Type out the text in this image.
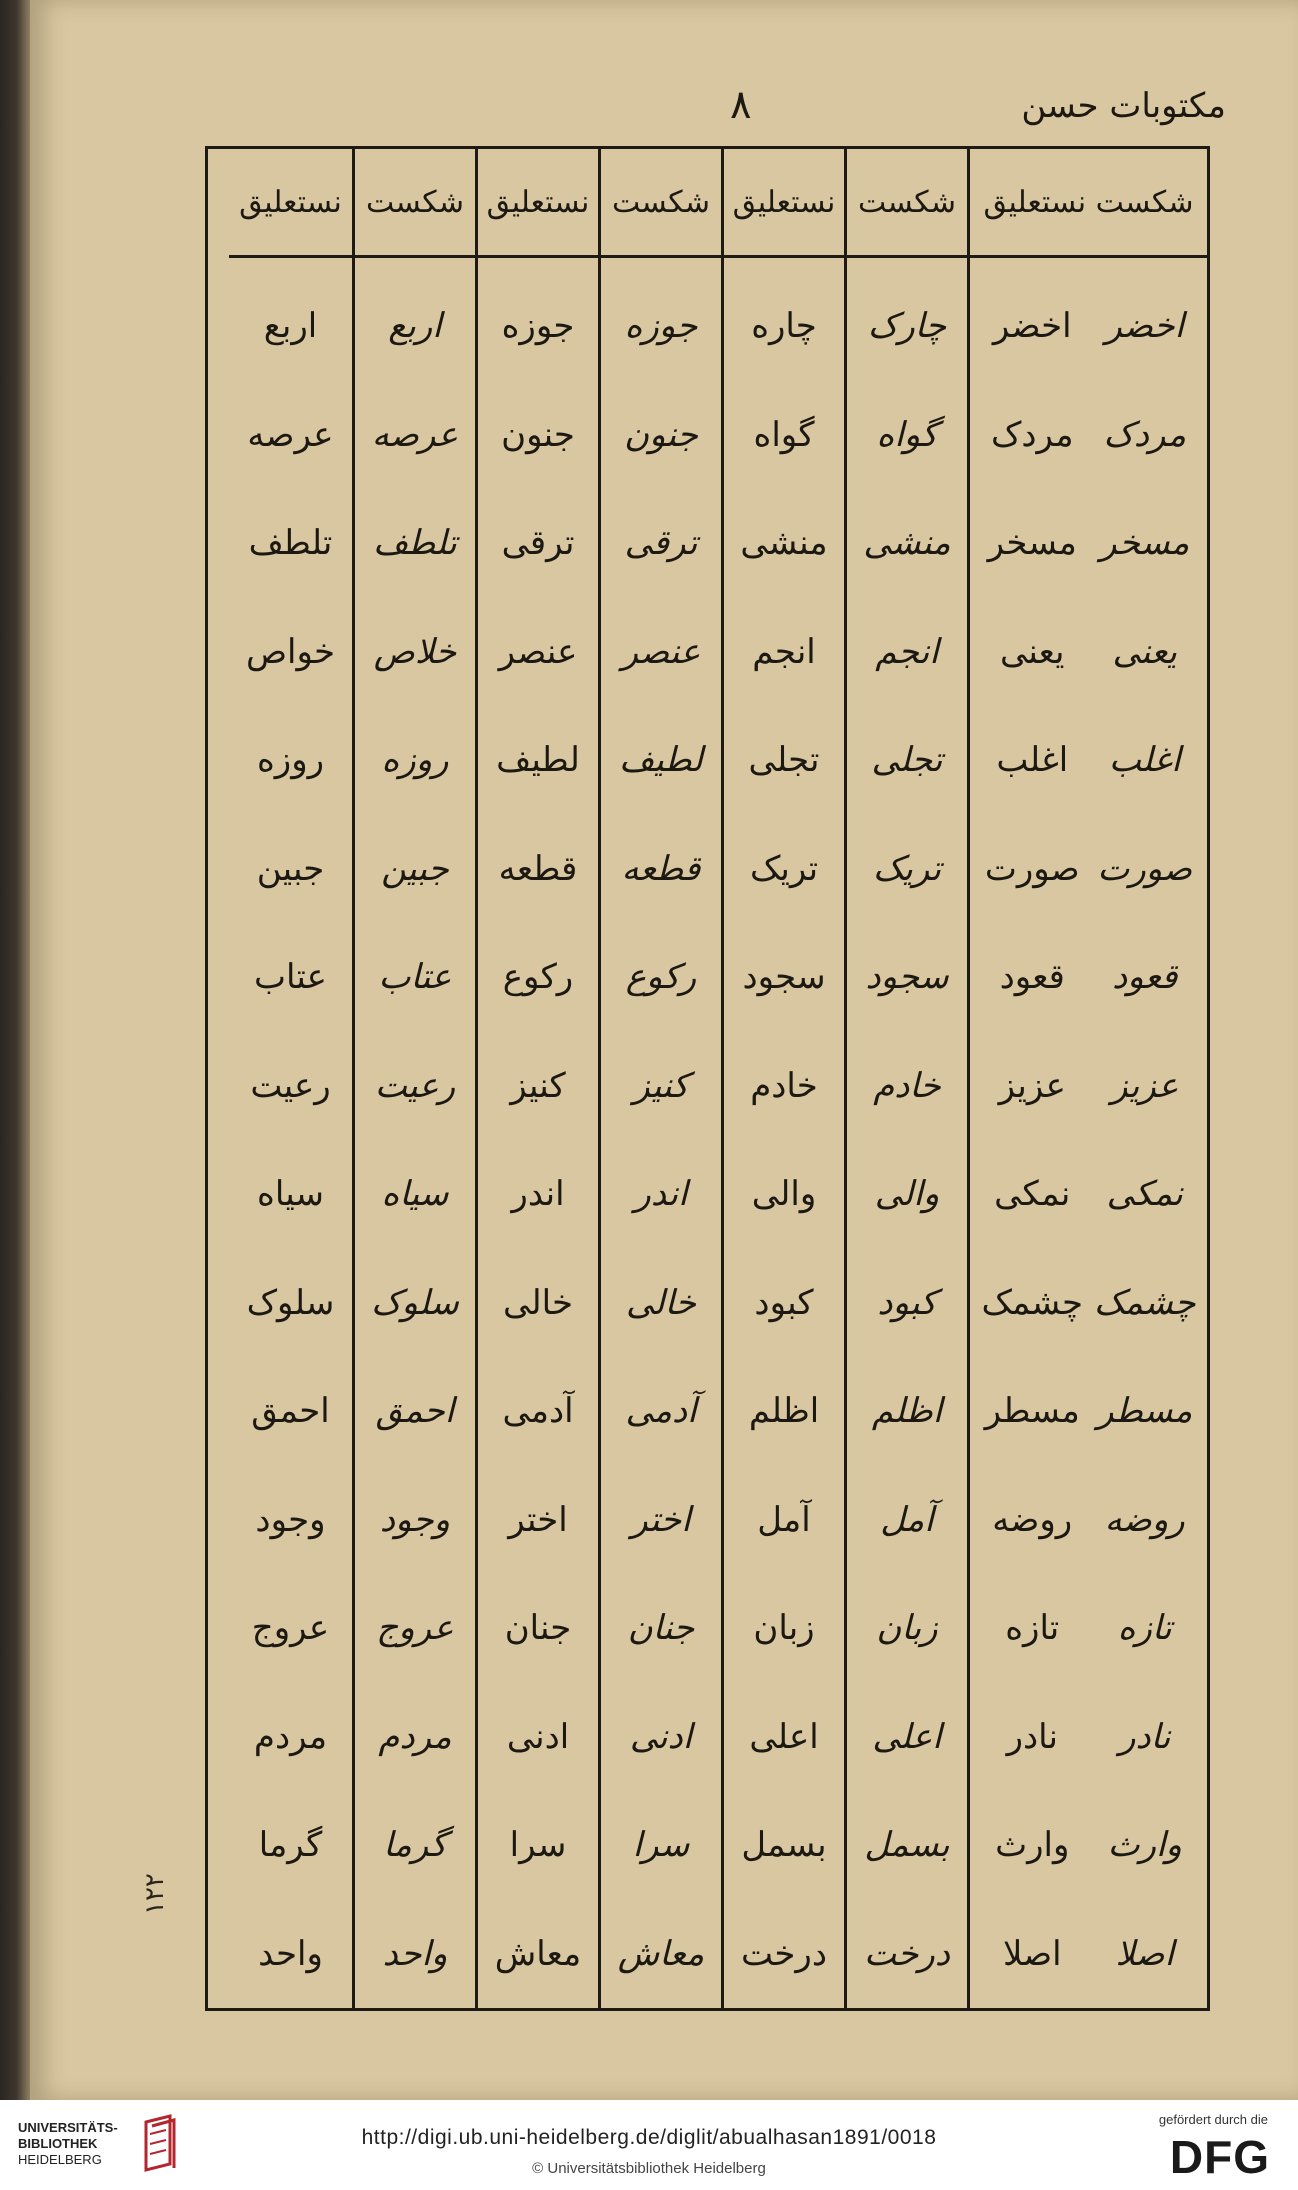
مکتوبات حسن
٨
شکست نستعلیق
اخضر
اخضر
مردک
مردک
مسخر
مسخر
یعنی
یعنی
اغلب
اغلب
صورت
صورت
قعود
قعود
عزیز
عزیز
نمکی
نمکی
چشمک
چشمک
مسطر
مسطر
روضه
روضه
تازه
تازه
نادر
نادر
وارث
وارث
اصلا
اصلا
شکست
چارک
گواه
منشی
انجم
تجلی
تریک
سجود
خادم
والی
کبود
اظلم
آمل
زبان
اعلی
بسمل
درخت
نستعلیق
چاره
گواه
منشی
انجم
تجلی
تریک
سجود
خادم
والی
کبود
اظلم
آمل
زبان
اعلی
بسمل
درخت
شکست
جوزه
جنون
ترقی
عنصر
لطیف
قطعه
رکوع
کنیز
اندر
خالی
آدمی
اختر
جنان
ادنی
سرا
معاش
نستعلیق
جوزه
جنون
ترقی
عنصر
لطیف
قطعه
رکوع
کنیز
اندر
خالی
آدمی
اختر
جنان
ادنی
سرا
معاش
شکست
اربع
عرصه
تلطف
خلاص
روزه
جبین
عتاب
رعیت
سیاه
سلوک
احمق
وجود
عروج
مردم
گرما
واحد
نستعلیق
اربع
عرصه
تلطف
خواص
روزه
جبین
عتاب
رعیت
سیاه
سلوک
احمق
وجود
عروج
مردم
گرما
واحد
١٢٢
UNIVERSITÄTS-
BIBLIOTHEK
HEIDELBERG
http://digi.ub.uni-heidelberg.de/diglit/abualhasan1891/0018
© Universitätsbibliothek Heidelberg
gefördert durch die
DFG
